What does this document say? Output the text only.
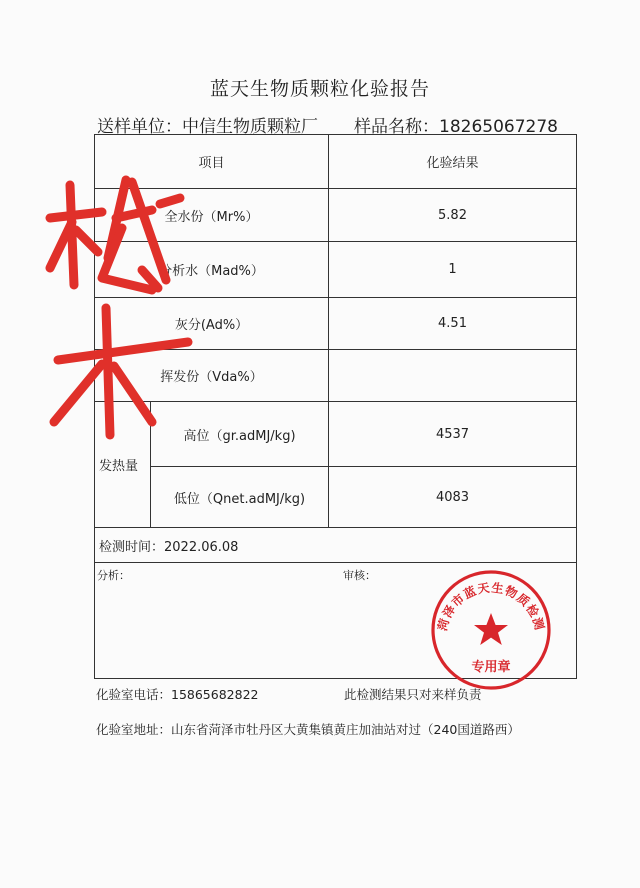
蓝天生物质颗粒化验报告
送样单位：中信生物质颗粒厂 样品名称：18265067278
项目		化验结果
全水份（Mr%）		5.82
分析水（Mad%）		1
灰分(Ad%）		4.51
挥发份（Vda%）		
发热量	高位（gr.adMJ/kg)	4537
	低位（Qnet.adMJ/kg)	4083
检测时间：2022.06.08		

分析： 审核：		
菏泽市蓝天生物质检测
专用章
化验室电话：15865682822	此检测结果只对来样负责
化验室地址：山东省菏泽市牡丹区大黄集镇黄庄加油站对过（240国道路西）
